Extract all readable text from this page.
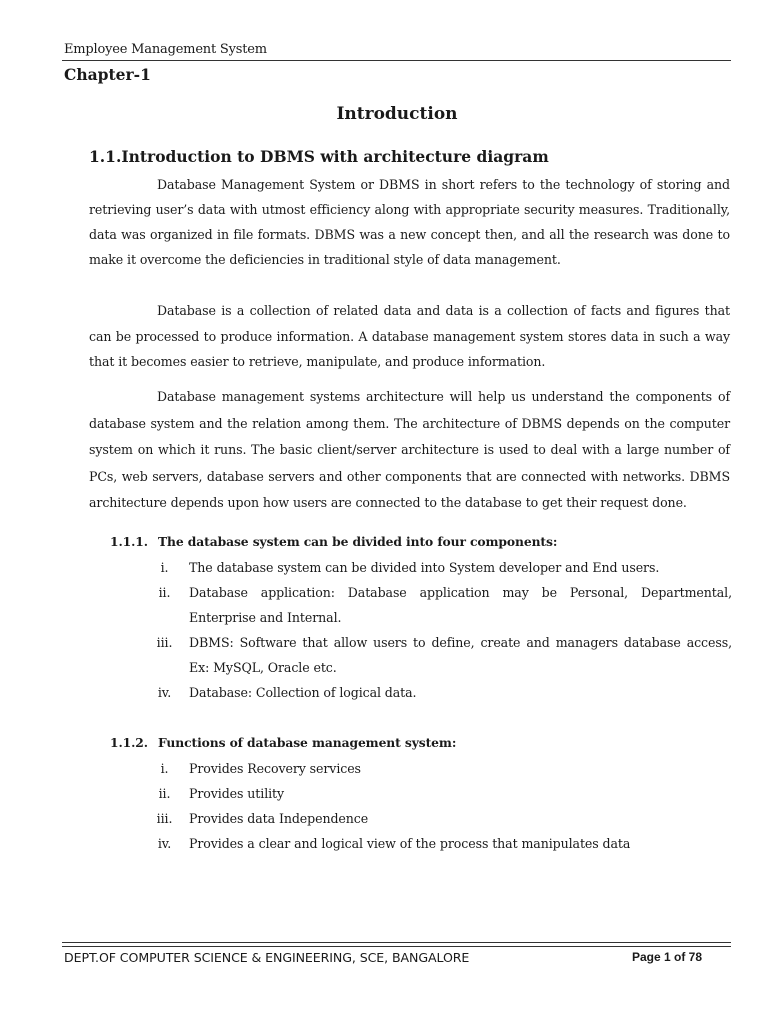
Employee Management System
Chapter-1
Introduction
1.1.Introduction to DBMS with architecture diagram

Database Management System or DBMS in short refers to the technology of storing and retrieving user’s data with utmost efficiency along with appropriate security measures. Traditionally, data was organized in file formats. DBMS was a new concept then, and all the research was done to make it overcome the deficiencies in traditional style of data management.

Database is a collection of related data and data is a collection of facts and figures that can be processed to produce information. A database management system stores data in such a way that it becomes easier to retrieve, manipulate, and produce information.

Database management systems architecture will help us understand the components of database system and the relation among them. The architecture of DBMS depends on the computer system on which it runs. The basic client/server architecture is used to deal with a large number of PCs, web servers, database servers and other components that are connected with networks. DBMS architecture depends upon how users are connected to the database to get their request done.

1.1.1. The database system can be divided into four components:
i.	The database system can be divided into System developer and End users.
ii.	Database application: Database application may be Personal, Departmental, Enterprise and Internal.
iii.	DBMS: Software that allow users to define, create and managers database access, Ex: MySQL, Oracle etc.
iv.	Database: Collection of logical data.
1.1.2. Functions of database management system:
i.	Provides Recovery services
ii.	Provides utility
iii.	Provides data Independence
iv.	Provides a clear and logical view of the process that manipulates data
DEPT.OF COMPUTER SCIENCE & ENGINEERING, SCE, BANGALORE	Page 1 of 78
